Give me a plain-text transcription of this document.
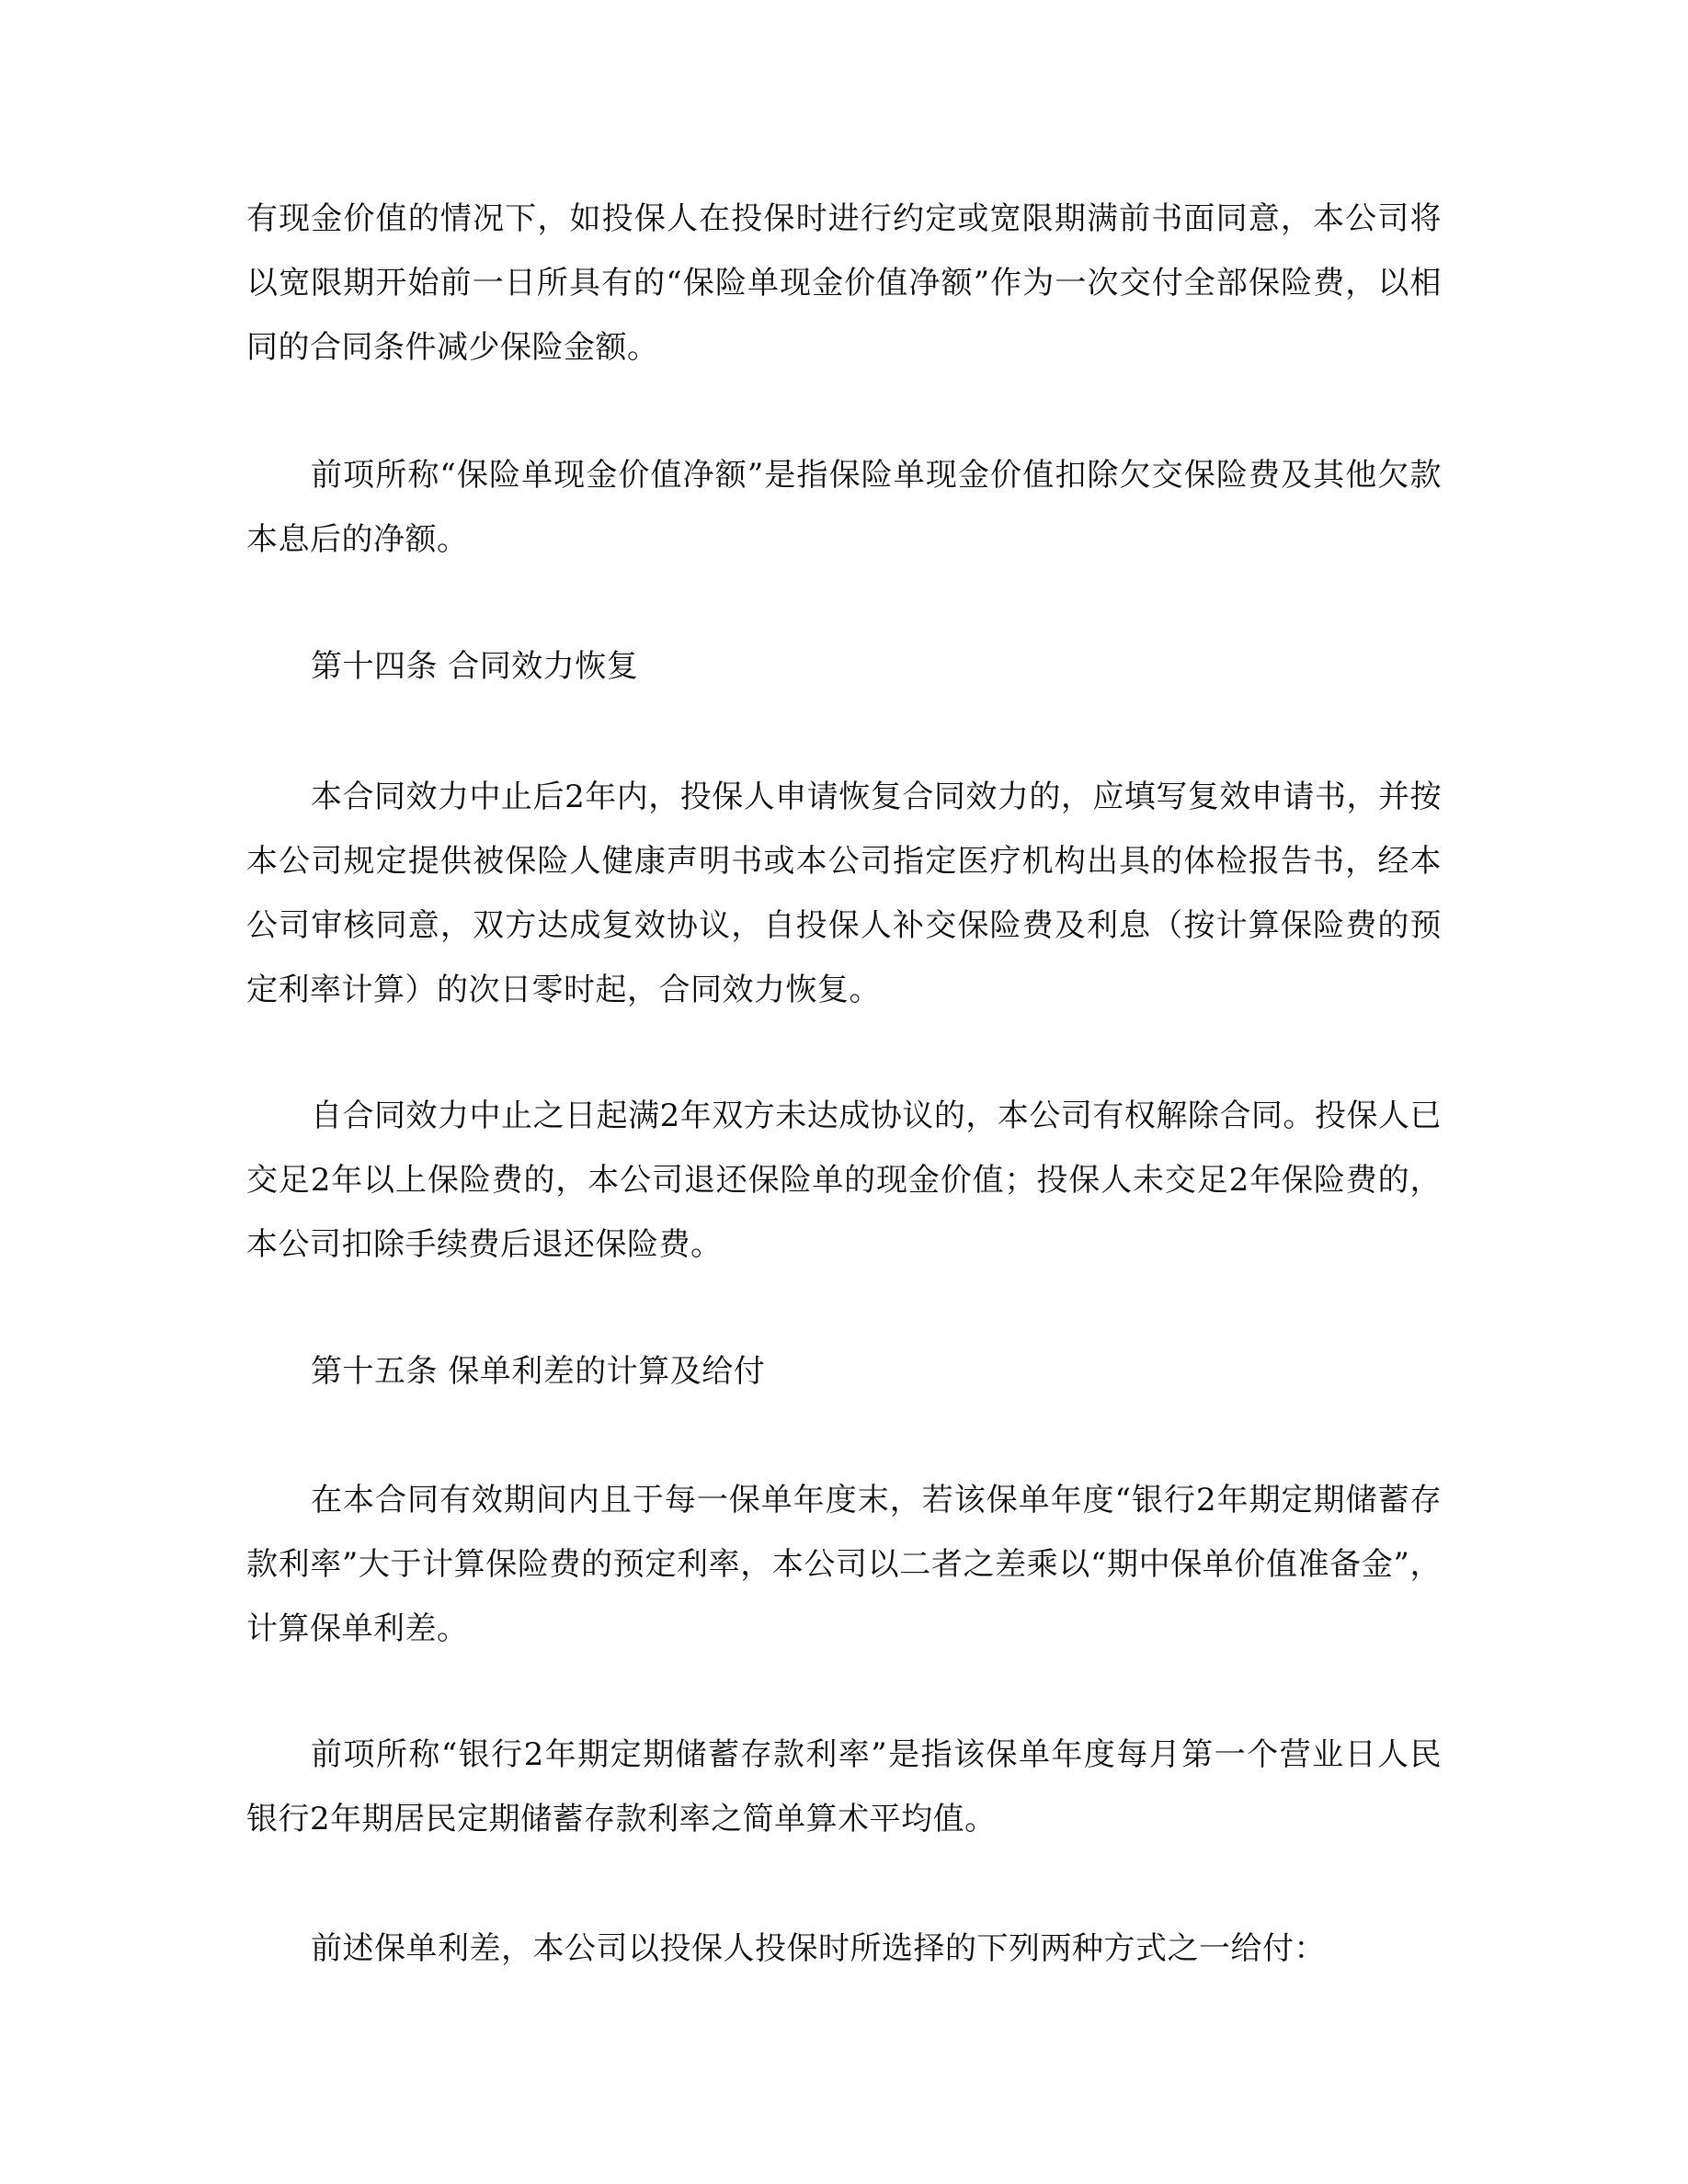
有现金价值的情况下，如投保人在投保时进行约定或宽限期满前书面同意，本公司将以宽限期开始前一日所具有的“保险单现金价值净额”作为一次交付全部保险费，以相同的合同条件减少保险金额。

前项所称“保险单现金价值净额”是指保险单现金价值扣除欠交保险费及其他欠款本息后的净额。

第十四条 合同效力恢复

本合同效力中止后2年内，投保人申请恢复合同效力的，应填写复效申请书，并按本公司规定提供被保险人健康声明书或本公司指定医疗机构出具的体检报告书，经本公司审核同意，双方达成复效协议，自投保人补交保险费及利息（按计算保险费的预定利率计算）的次日零时起，合同效力恢复。

自合同效力中止之日起满2年双方未达成协议的，本公司有权解除合同。投保人已交足2年以上保险费的，本公司退还保险单的现金价值；投保人未交足2年保险费的，本公司扣除手续费后退还保险费。

第十五条 保单利差的计算及给付

在本合同有效期间内且于每一保单年度末，若该保单年度“银行2年期定期储蓄存款利率”大于计算保险费的预定利率，本公司以二者之差乘以“期中保单价值准备金”，计算保单利差。

前项所称“银行2年期定期储蓄存款利率”是指该保单年度每月第一个营业日人民银行2年期居民定期储蓄存款利率之简单算术平均值。

前述保单利差，本公司以投保人投保时所选择的下列两种方式之一给付：
